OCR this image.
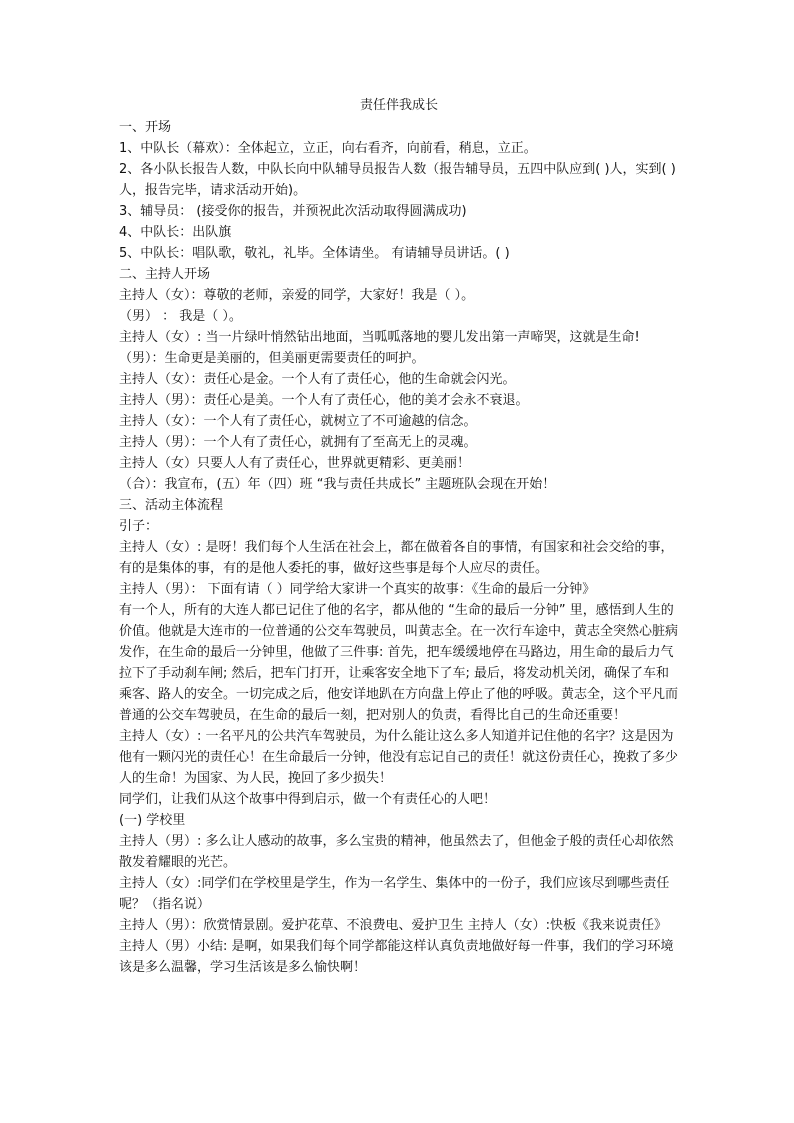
责任伴我成长

一、开场

1、中队长（幕欢）：全体起立，立正，向右看齐，向前看，稍息，立正。

2、各小队长报告人数，中队长向中队辅导员报告人数（报告辅导员，五四中队应到( )人，实到( )人，报告完毕，请求活动开始)。

3、辅导员： (接受你的报告，并预祝此次活动取得圆满成功)

4、中队长：出队旗

5、中队长：唱队歌，敬礼，礼毕。全体请坐。 有请辅导员讲话。( )

二、主持人开场

主持人（女）：尊敬的老师，亲爱的同学，大家好！我是（ ）。

（男） ： 我是（ ）。

主持人（女）: 当一片绿叶悄然钻出地面，当呱呱落地的婴儿发出第一声啼哭，这就是生命!

（男）：生命更是美丽的，但美丽更需要责任的呵护。

主持人（女）：责任心是金。一个人有了责任心，他的生命就会闪光。

主持人（男）：责任心是美。一个人有了责任心，他的美才会永不衰退。

主持人（女）：一个人有了责任心，就树立了不可逾越的信念。

主持人（男）：一个人有了责任心，就拥有了至高无上的灵魂。

主持人（女）只要人人有了责任心，世界就更精彩、更美丽！

（合）：我宣布，(五）年（四）班 “我与责任共成长” 主题班队会现在开始！

三、活动主体流程

引子：

主持人（女）: 是呀！我们每个人生活在社会上，都在做着各自的事情，有国家和社会交给的事，有的是集体的事，有的是他人委托的事，做好这些事是每个人应尽的责任。

主持人（男）： 下面有请（ ）同学给大家讲一个真实的故事：《生命的最后一分钟》

有一个人，所有的大连人都已记住了他的名字，都从他的 “生命的最后一分钟” 里，感悟到人生的价值。他就是大连市的一位普通的公交车驾驶员，叫黄志全。在一次行车途中，黄志全突然心脏病发作，在生命的最后一分钟里，他做了三件事: 首先，把车缓缓地停在马路边，用生命的最后力气拉下了手动刹车闸; 然后，把车门打开，让乘客安全地下了车; 最后，将发动机关闭，确保了车和乘客、路人的安全。一切完成之后，他安详地趴在方向盘上停止了他的呼吸。黄志全，这个平凡而普通的公交车驾驶员，在生命的最后一刻，把对别人的负责，看得比自己的生命还重要！

主持人（女）: 一名平凡的公共汽车驾驶员，为什么能让这么多人知道并记住他的名字？这是因为他有一颗闪光的责任心！在生命最后一分钟，他没有忘记自己的责任！就这份责任心，挽救了多少人的生命！为国家、为人民，挽回了多少损失！

同学们，让我们从这个故事中得到启示，做一个有责任心的人吧！

(一) 学校里

主持人（男）: 多么让人感动的故事，多么宝贵的精神，他虽然去了，但他金子般的责任心却依然散发着耀眼的光芒。

主持人（女）:同学们在学校里是学生，作为一名学生、集体中的一份子，我们应该尽到哪些责任呢？（指名说）

主持人（男）：欣赏情景剧。爱护花草、不浪费电、爱护卫生 主持人（女）:快板《我来说责任》

主持人（男）小结: 是啊，如果我们每个同学都能这样认真负责地做好每一件事，我们的学习环境该是多么温馨，学习生活该是多么愉快啊！
